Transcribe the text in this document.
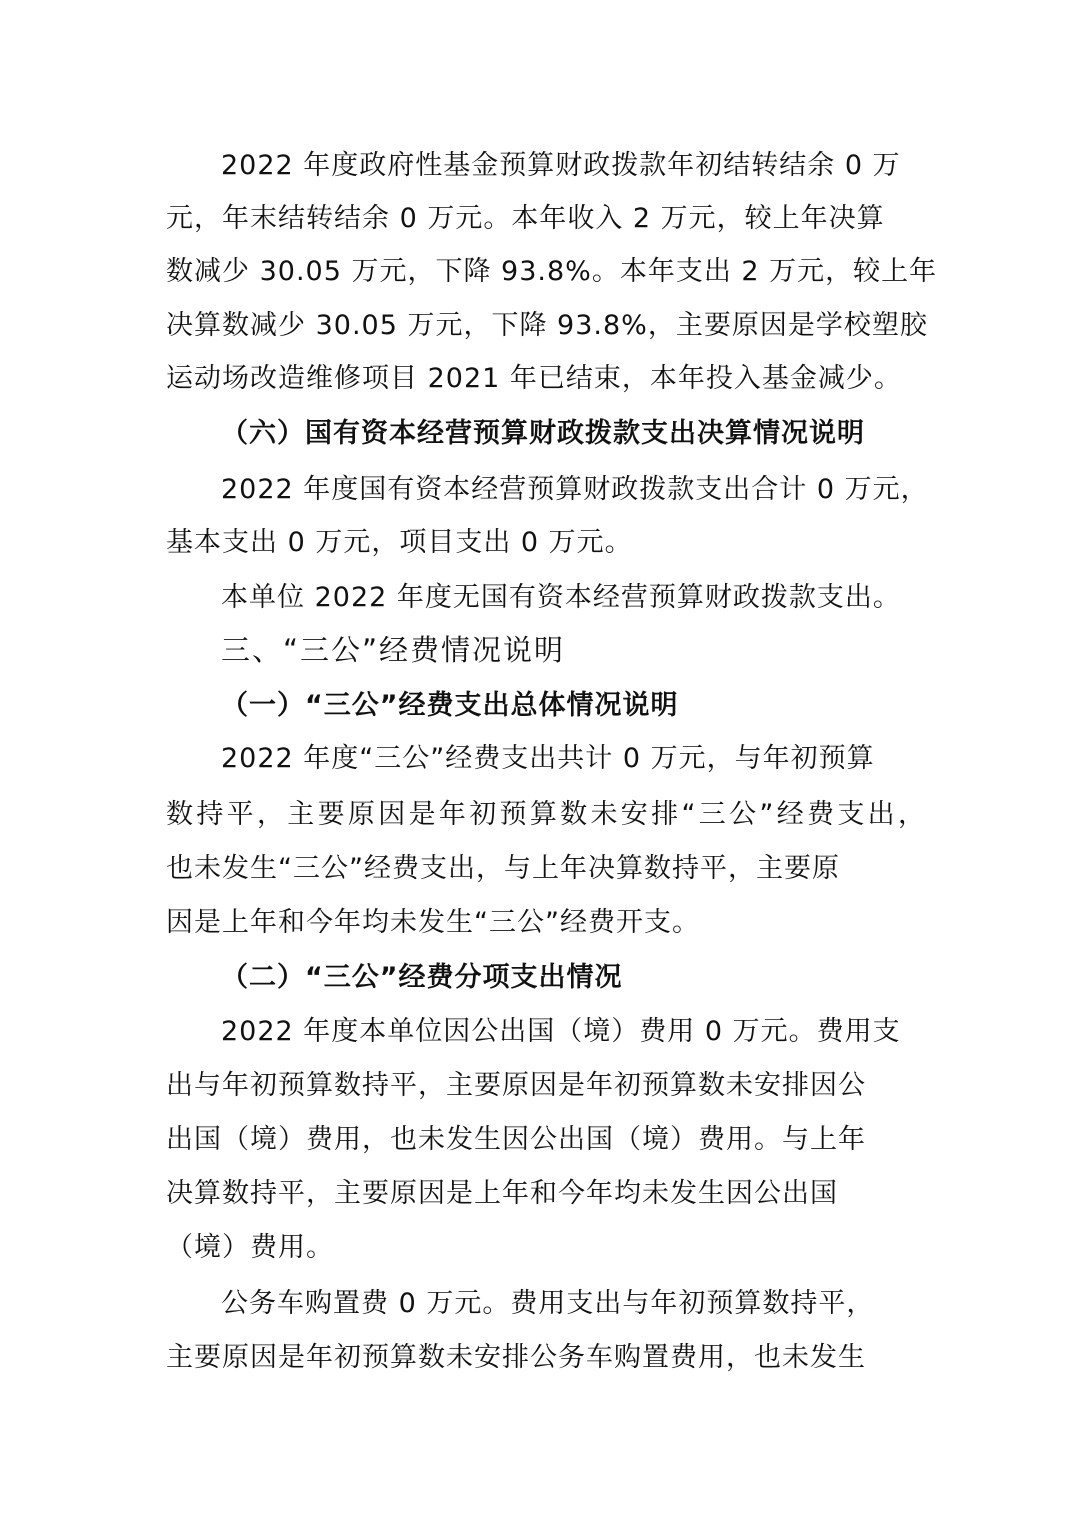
2022 年度政府性基金预算财政拨款年初结转结余 0 万
元，年末结转结余 0 万元。本年收入 2 万元，较上年决算
数减少 30.05 万元，下降 93.8%。本年支出 2 万元，较上年
决算数减少 30.05 万元，下降 93.8%，主要原因是学校塑胶
运动场改造维修项目 2021 年已结束，本年投入基金减少。
（六）国有资本经营预算财政拨款支出决算情况说明
2022 年度国有资本经营预算财政拨款支出合计 0 万元，
基本支出 0 万元，项目支出 0 万元。
本单位 2022 年度无国有资本经营预算财政拨款支出。
三、“三公”经费情况说明
（一）“三公”经费支出总体情况说明
2022 年度“三公”经费支出共计 0 万元，与年初预算
数持平，主要原因是年初预算数未安排“三公”经费支出，
也未发生“三公”经费支出，与上年决算数持平，主要原
因是上年和今年均未发生“三公”经费开支。
（二）“三公”经费分项支出情况
2022 年度本单位因公出国（境）费用 0 万元。费用支
出与年初预算数持平，主要原因是年初预算数未安排因公
出国（境）费用，也未发生因公出国（境）费用。与上年
决算数持平，主要原因是上年和今年均未发生因公出国
（境）费用。
公务车购置费 0 万元。费用支出与年初预算数持平，
主要原因是年初预算数未安排公务车购置费用，也未发生
